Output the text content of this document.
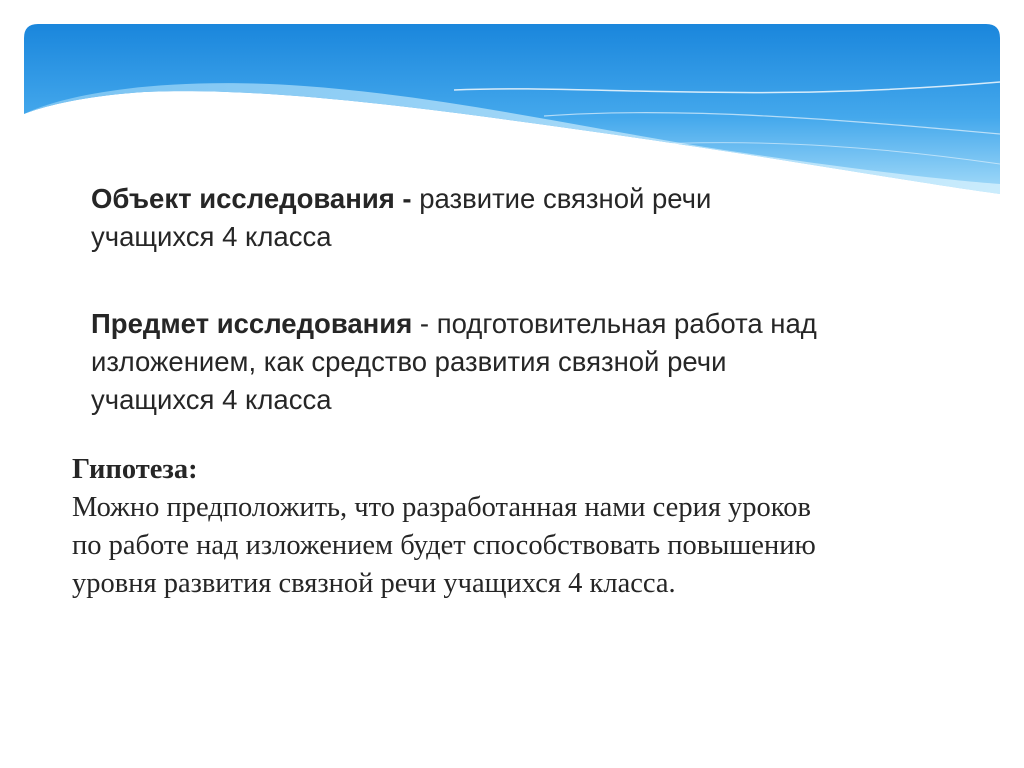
Объект исследования - развитие связной речи

учащихся 4 класса

Предмет исследования - подготовительная работа над

изложением, как средство развития связной речи

учащихся 4 класса

Гипотеза:

Можно предположить, что разработанная нами серия уроков

по работе над изложением будет способствовать повышению

уровня развития связной речи учащихся 4 класса.
